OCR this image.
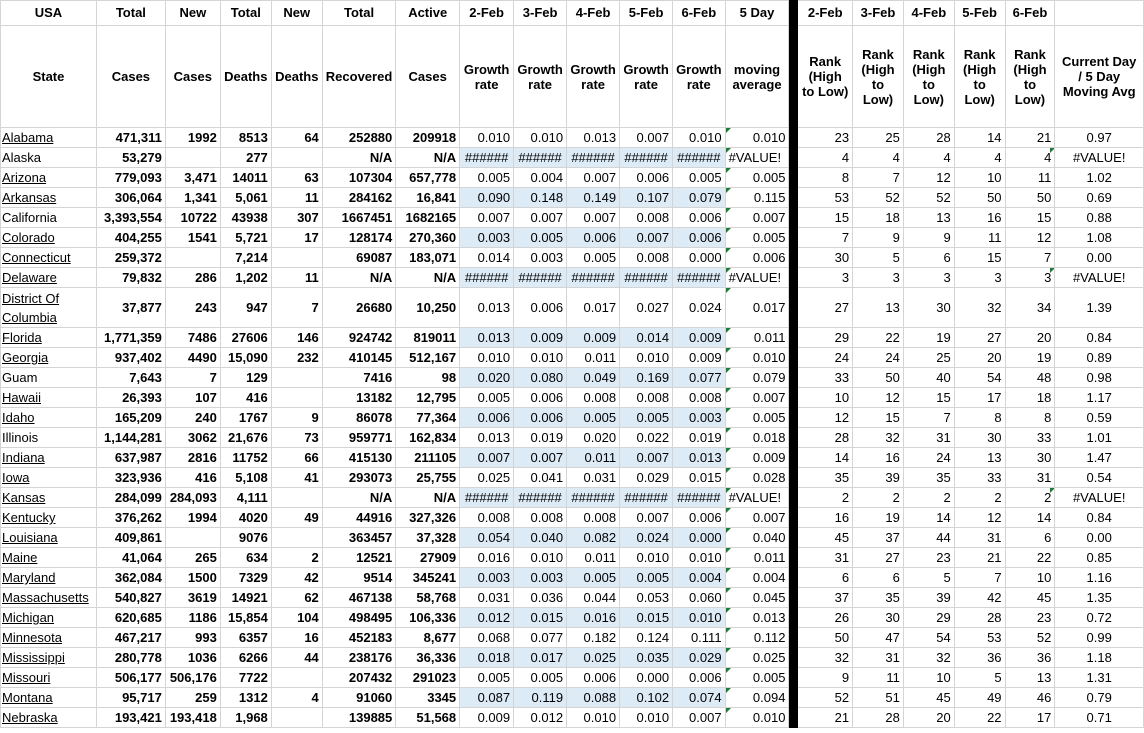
USA	Total	New	Total	New	Total	Active	2-Feb	3-Feb	4-Feb	5-Feb	6-Feb	5 Day		2-Feb	3-Feb	4-Feb	5-Feb	6-Feb	
State	Cases	Cases	Deaths	Deaths	Recovered	Cases	Growth rate	Growth rate	Growth rate	Growth rate	Growth rate	moving average		Rank (High to Low)	Rank (High to Low)	Rank (High to Low)	Rank (High to Low)	Rank (High to Low)	Current Day / 5 Day Moving Avg
Alabama	471,311	1992	8513	64	252880	209918	0.010	0.010	0.013	0.007	0.010	0.010		23	25	28	14	21	0.97
Alaska	53,279		277		N/A	N/A	######	######	######	######	######	#VALUE!		4	4	4	4	4	#VALUE!
Arizona	779,093	3,471	14011	63	107304	657,778	0.005	0.004	0.007	0.006	0.005	0.005		8	7	12	10	11	1.02
Arkansas	306,064	1,341	5,061	11	284162	16,841	0.090	0.148	0.149	0.107	0.079	0.115		53	52	52	50	50	0.69
California	3,393,554	10722	43938	307	1667451	1682165	0.007	0.007	0.007	0.008	0.006	0.007		15	18	13	16	15	0.88
Colorado	404,255	1541	5,721	17	128174	270,360	0.003	0.005	0.006	0.007	0.006	0.005		7	9	9	11	12	1.08
Connecticut	259,372		7,214		69087	183,071	0.014	0.003	0.005	0.008	0.000	0.006		30	5	6	15	7	0.00
Delaware	79,832	286	1,202	11	N/A	N/A	######	######	######	######	######	#VALUE!		3	3	3	3	3	#VALUE!
District Of Columbia	37,877	243	947	7	26680	10,250	0.013	0.006	0.017	0.027	0.024	0.017		27	13	30	32	34	1.39
Florida	1,771,359	7486	27606	146	924742	819011	0.013	0.009	0.009	0.014	0.009	0.011		29	22	19	27	20	0.84
Georgia	937,402	4490	15,090	232	410145	512,167	0.010	0.010	0.011	0.010	0.009	0.010		24	24	25	20	19	0.89
Guam	7,643	7	129		7416	98	0.020	0.080	0.049	0.169	0.077	0.079		33	50	40	54	48	0.98
Hawaii	26,393	107	416		13182	12,795	0.005	0.006	0.008	0.008	0.008	0.007		10	12	15	17	18	1.17
Idaho	165,209	240	1767	9	86078	77,364	0.006	0.006	0.005	0.005	0.003	0.005		12	15	7	8	8	0.59
Illinois	1,144,281	3062	21,676	73	959771	162,834	0.013	0.019	0.020	0.022	0.019	0.018		28	32	31	30	33	1.01
Indiana	637,987	2816	11752	66	415130	211105	0.007	0.007	0.011	0.007	0.013	0.009		14	16	24	13	30	1.47
Iowa	323,936	416	5,108	41	293073	25,755	0.025	0.041	0.031	0.029	0.015	0.028		35	39	35	33	31	0.54
Kansas	284,099	284,093	4,111		N/A	N/A	######	######	######	######	######	#VALUE!		2	2	2	2	2	#VALUE!
Kentucky	376,262	1994	4020	49	44916	327,326	0.008	0.008	0.008	0.007	0.006	0.007		16	19	14	12	14	0.84
Louisiana	409,861		9076		363457	37,328	0.054	0.040	0.082	0.024	0.000	0.040		45	37	44	31	6	0.00
Maine	41,064	265	634	2	12521	27909	0.016	0.010	0.011	0.010	0.010	0.011		31	27	23	21	22	0.85
Maryland	362,084	1500	7329	42	9514	345241	0.003	0.003	0.005	0.005	0.004	0.004		6	6	5	7	10	1.16
Massachusetts	540,827	3619	14921	62	467138	58,768	0.031	0.036	0.044	0.053	0.060	0.045		37	35	39	42	45	1.35
Michigan	620,685	1186	15,854	104	498495	106,336	0.012	0.015	0.016	0.015	0.010	0.013		26	30	29	28	23	0.72
Minnesota	467,217	993	6357	16	452183	8,677	0.068	0.077	0.182	0.124	0.111	0.112		50	47	54	53	52	0.99
Mississippi	280,778	1036	6266	44	238176	36,336	0.018	0.017	0.025	0.035	0.029	0.025		32	31	32	36	36	1.18
Missouri	506,177	506,176	7722		207432	291023	0.005	0.005	0.006	0.000	0.006	0.005		9	11	10	5	13	1.31
Montana	95,717	259	1312	4	91060	3345	0.087	0.119	0.088	0.102	0.074	0.094		52	51	45	49	46	0.79
Nebraska	193,421	193,418	1,968		139885	51,568	0.009	0.012	0.010	0.010	0.007	0.010		21	28	20	22	17	0.71
